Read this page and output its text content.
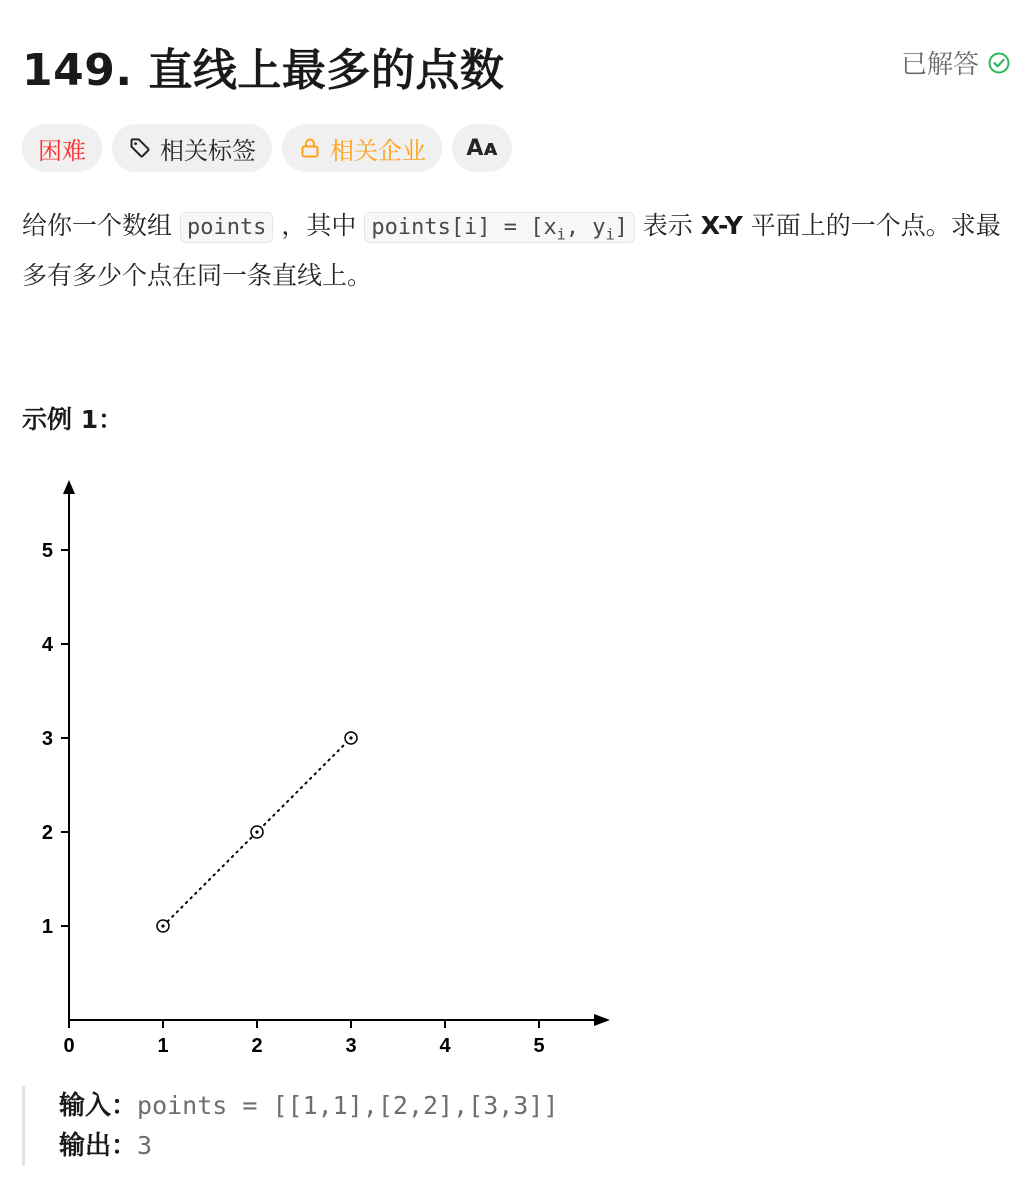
149. 直线上最多的点数	已解答
困难	相关标签	相关企业 Aᴀ
给你一个数组 points ，其中 points[i] = [$x_i$, $y_i$] 表示 X-Y 平面上的一个点。求最多有多少个点在同一条直线上。
示例 1：
0	1	2	3	4	5
1
2
3
4
5
输入：points = [[1,1],[2,2],[3,3]]
输出：3
